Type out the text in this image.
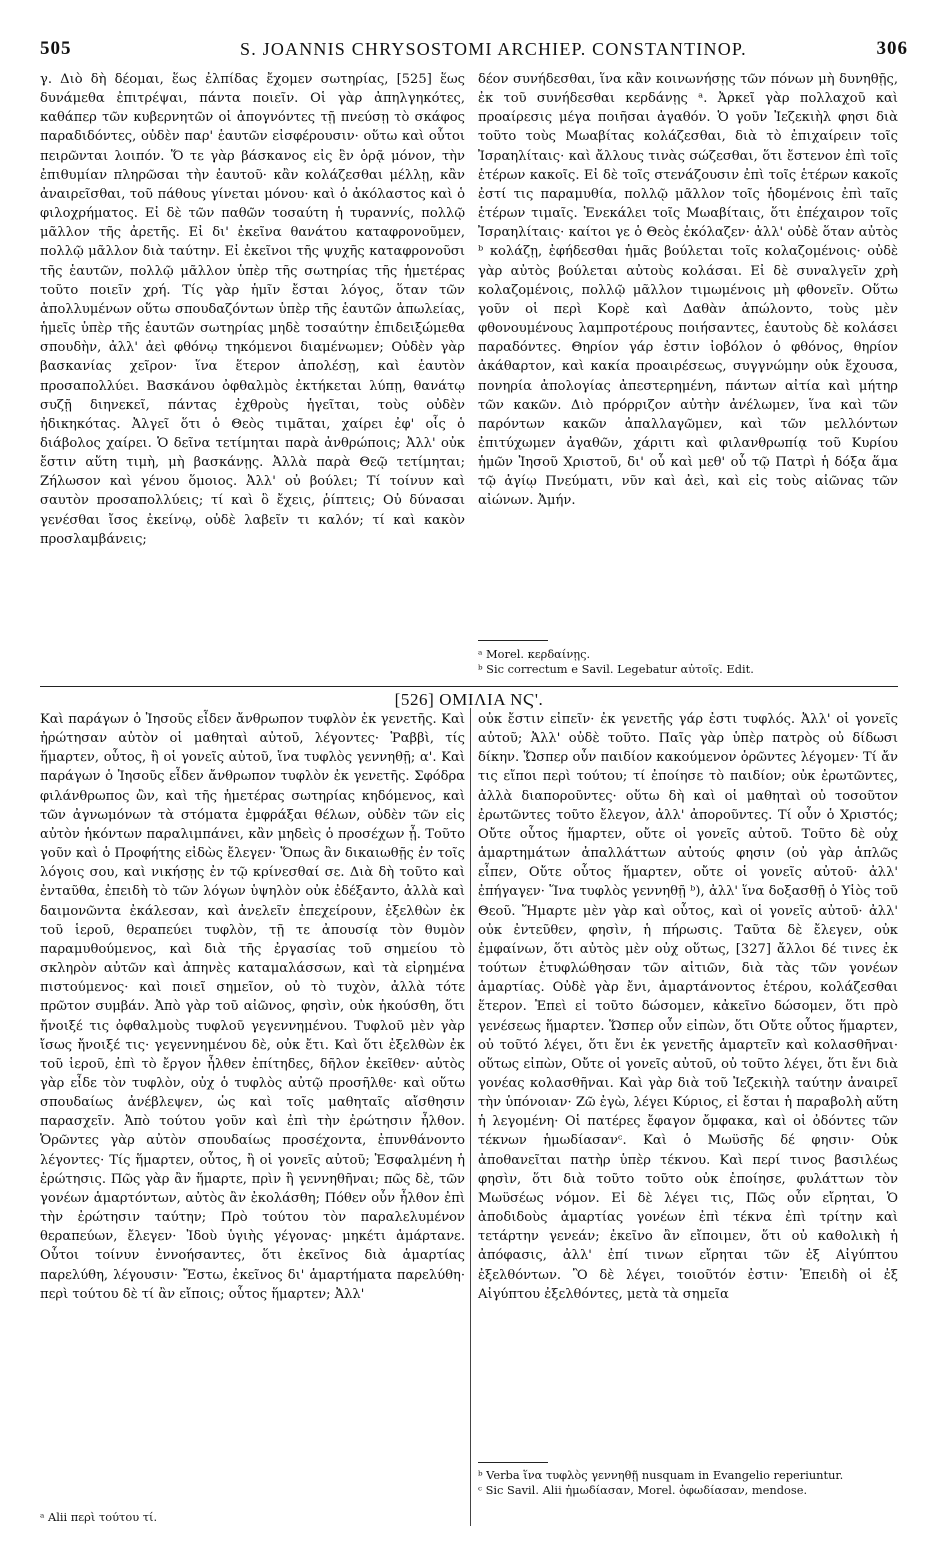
505	S. JOANNIS CHRYSOSTOMI ARCHIEP. CONSTANTINOP.	306

γ. Διὸ δὴ δέομαι, ἕως ἐλπίδας ἔχομεν σωτηρίας, [525] ἕως δυνάμεθα ἐπιτρέψαι, πάντα ποιεῖν. Οἱ γὰρ ἀπηλγηκότες, καθάπερ τῶν κυβερνητῶν οἱ ἀπογνόντες τῇ πνεύσῃ τὸ σκάφος παραδιδόντες, οὐδὲν παρ' ἑαυτῶν εἰσφέρουσιν· οὕτω καὶ οὗτοι πειρῶνται λοιπόν. Ὅ τε γὰρ βάσκανος εἰς ἓν ὁρᾷ μόνον, τὴν ἐπιθυμίαν πληρῶσαι τὴν ἑαυτοῦ· κἂν κολάζεσθαι μέλλῃ, κἂν ἀναιρεῖσθαι, τοῦ πάθους γίνεται μόνου· καὶ ὁ ἀκόλαστος καὶ ὁ φιλοχρήματος. Εἰ δὲ τῶν παθῶν τοσαύτη ἡ τυραννίς, πολλῷ μᾶλλον τῆς ἀρετῆς. Εἰ δι' ἐκεῖνα θανάτου καταφρονοῦμεν, πολλῷ μᾶλλον διὰ ταύτην. Εἰ ἐκεῖνοι τῆς ψυχῆς καταφρονοῦσι τῆς ἑαυτῶν, πολλῷ μᾶλλον ὑπὲρ τῆς σωτηρίας τῆς ἡμετέρας τοῦτο ποιεῖν χρή. Τίς γὰρ ἡμῖν ἔσται λόγος, ὅταν τῶν ἀπολλυμένων οὕτω σπουδαζόντων ὑπὲρ τῆς ἑαυτῶν ἀπωλείας, ἡμεῖς ὑπὲρ τῆς ἑαυτῶν σωτηρίας μηδὲ τοσαύτην ἐπιδειξώμεθα σπουδὴν, ἀλλ' ἀεὶ φθόνῳ τηκόμενοι διαμένωμεν; Οὐδὲν γὰρ βασκανίας χεῖρον· ἵνα ἕτερον ἀπολέσῃ, καὶ ἑαυτὸν προσαπολλύει. Βασκάνου ὀφθαλμὸς ἐκτήκεται λύπῃ, θανάτῳ συζῇ διηνεκεῖ, πάντας ἐχθροὺς ἡγεῖται, τοὺς οὐδὲν ἠδικηκότας. Ἀλγεῖ ὅτι ὁ Θεὸς τιμᾶται, χαίρει ἐφ' οἷς ὁ διάβολος χαίρει. Ὁ δεῖνα τετίμηται παρὰ ἀνθρώποις; Ἀλλ' οὐκ ἔστιν αὕτη τιμὴ, μὴ βασκάνῃς. Ἀλλὰ παρὰ Θεῷ τετίμηται; Ζήλωσον καὶ γένου ὅμοιος. Ἀλλ' οὐ βούλει; Τί τοίνυν καὶ σαυτὸν προσαπολλύεις; τί καὶ ὃ ἔχεις, ῥίπτεις; Οὐ δύνασαι γενέσθαι ἴσος ἐκείνῳ, οὐδὲ λαβεῖν τι καλόν; τί καὶ κακὸν προσλαμβάνεις;

δέον συνήδεσθαι, ἵνα κἂν κοινωνήσῃς τῶν πόνων μὴ δυνηθῇς, ἐκ τοῦ συνήδεσθαι κερδάνῃς ᵃ. Ἀρκεῖ γὰρ πολλαχοῦ καὶ προαίρεσις μέγα ποιῆσαι ἀγαθόν. Ὁ γοῦν Ἰεζεκιὴλ φησι διὰ τοῦτο τοὺς Μωαβίτας κολάζεσθαι, διὰ τὸ ἐπιχαίρειν τοῖς Ἰσραηλίταις· καὶ ἄλλους τινὰς σώζεσθαι, ὅτι ἔστενον ἐπὶ τοῖς ἑτέρων κακοῖς. Εἰ δὲ τοῖς στενάζουσιν ἐπὶ τοῖς ἑτέρων κακοῖς ἐστί τις παραμυθία, πολλῷ μᾶλλον τοῖς ἡδομένοις ἐπὶ ταῖς ἑτέρων τιμαῖς. Ἐνεκάλει τοῖς Μωαβίταις, ὅτι ἐπέχαιρον τοῖς Ἰσραηλίταις· καίτοι γε ὁ Θεὸς ἐκόλαζεν· ἀλλ' οὐδὲ ὅταν αὐτὸς ᵇ κολάζῃ, ἐφήδεσθαι ἡμᾶς βούλεται τοῖς κολαζομένοις· οὐδὲ γὰρ αὐτὸς βούλεται αὐτοὺς κολάσαι. Εἰ δὲ συναλγεῖν χρὴ κολαζομένοις, πολλῷ μᾶλλον τιμωμένοις μὴ φθονεῖν. Οὕτω γοῦν οἱ περὶ Κορὲ καὶ Δαθὰν ἀπώλοντο, τοὺς μὲν φθονουμένους λαμπροτέρους ποιήσαντες, ἑαυτοὺς δὲ κολάσει παραδόντες. Θηρίον γάρ ἐστιν ἰοβόλον ὁ φθόνος, θηρίον ἀκάθαρτον, καὶ κακία προαιρέσεως, συγγνώμην οὐκ ἔχουσα, πονηρία ἀπολογίας ἀπεστερημένη, πάντων αἰτία καὶ μήτηρ τῶν κακῶν. Διὸ πρόρριζον αὐτὴν ἀνέλωμεν, ἵνα καὶ τῶν παρόντων κακῶν ἀπαλλαγῶμεν, καὶ τῶν μελλόντων ἐπιτύχωμεν ἀγαθῶν, χάριτι καὶ φιλανθρωπίᾳ τοῦ Κυρίου ἡμῶν Ἰησοῦ Χριστοῦ, δι' οὗ καὶ μεθ' οὗ τῷ Πατρὶ ἡ δόξα ἅμα τῷ ἁγίῳ Πνεύματι, νῦν καὶ ἀεὶ, καὶ εἰς τοὺς αἰῶνας τῶν αἰώνων. Ἀμήν.

ᵃ Morel. κερδαίνῃς.
ᵇ Sic correctum e Savil. Legebatur αὐτοῖς. Edit.
[526] ΟΜΙΛΙΑ ΝϚ'.

Καὶ παράγων ὁ Ἰησοῦς εἶδεν ἄνθρωπον τυφλὸν ἐκ γενετῆς. Καὶ ἠρώτησαν αὐτὸν οἱ μαθηταὶ αὐτοῦ, λέγοντες· Ῥαββὶ, τίς ἥμαρτεν, οὗτος, ἢ οἱ γονεῖς αὐτοῦ, ἵνα τυφλὸς γεννηθῇ; α'. Καὶ παράγων ὁ Ἰησοῦς εἶδεν ἄνθρωπον τυφλὸν ἐκ γενετῆς. Σφόδρα φιλάνθρωπος ὢν, καὶ τῆς ἡμετέρας σωτηρίας κηδόμενος, καὶ τῶν ἀγνωμόνων τὰ στόματα ἐμφράξαι θέλων, οὐδὲν τῶν εἰς αὐτὸν ἡκόντων παραλιμπάνει, κἂν μηδεὶς ὁ προσέχων ᾖ. Τοῦτο γοῦν καὶ ὁ Προφήτης εἰδὼς ἔλεγεν· Ὅπως ἂν δικαιωθῇς ἐν τοῖς λόγοις σου, καὶ νικήσῃς ἐν τῷ κρίνεσθαί σε. Διὰ δὴ τοῦτο καὶ ἐνταῦθα, ἐπειδὴ τὸ τῶν λόγων ὑψηλὸν οὐκ ἐδέξαντο, ἀλλὰ καὶ δαιμονῶντα ἐκάλεσαν, καὶ ἀνελεῖν ἐπεχείρουν, ἐξελθὼν ἐκ τοῦ ἱεροῦ, θεραπεύει τυφλὸν, τῇ τε ἀπουσίᾳ τὸν θυμὸν παραμυθούμενος, καὶ διὰ τῆς ἐργασίας τοῦ σημείου τὸ σκληρὸν αὐτῶν καὶ ἀπηνὲς καταμαλάσσων, καὶ τὰ εἰρημένα πιστούμενος· καὶ ποιεῖ σημεῖον, οὐ τὸ τυχὸν, ἀλλὰ τότε πρῶτον συμβάν. Ἀπὸ γὰρ τοῦ αἰῶνος, φησὶν, οὐκ ἠκούσθη, ὅτι ἤνοιξέ τις ὀφθαλμοὺς τυφλοῦ γεγεννημένου. Τυφλοῦ μὲν γὰρ ἴσως ἤνοιξέ τις· γεγεννημένου δὲ, οὐκ ἔτι. Καὶ ὅτι ἐξελθὼν ἐκ τοῦ ἱεροῦ, ἐπὶ τὸ ἔργον ἦλθεν ἐπίτηδες, δῆλον ἐκεῖθεν· αὐτὸς γὰρ εἶδε τὸν τυφλὸν, οὐχ ὁ τυφλὸς αὐτῷ προσῆλθε· καὶ οὕτω σπουδαίως ἀνέβλεψεν, ὡς καὶ τοῖς μαθηταῖς αἴσθησιν παρασχεῖν. Ἀπὸ τούτου γοῦν καὶ ἐπὶ τὴν ἐρώτησιν ἦλθον. Ὁρῶντες γὰρ αὐτὸν σπουδαίως προσέχοντα, ἐπυνθάνοντο λέγοντες· Τίς ἥμαρτεν, οὗτος, ἢ οἱ γονεῖς αὐτοῦ; Ἐσφαλμένη ἡ ἐρώτησις. Πῶς γὰρ ἂν ἥμαρτε, πρὶν ἢ γεννηθῆναι; πῶς δὲ, τῶν γονέων ἁμαρτόντων, αὐτὸς ἂν ἐκολάσθη; Πόθεν οὖν ἦλθον ἐπὶ τὴν ἐρώτησιν ταύτην; Πρὸ τούτου τὸν παραλελυμένον θεραπεύων, ἔλεγεν· Ἰδοὺ ὑγιὴς γέγονας· μηκέτι ἁμάρτανε. Οὗτοι τοίνυν ἐννοήσαντες, ὅτι ἐκεῖνος διὰ ἁμαρτίας παρελύθη, λέγουσιν· Ἔστω, ἐκεῖνος δι' ἁμαρτήματα παρελύθη· περὶ τούτου δὲ τί ἂν εἴποις; οὗτος ἥμαρτεν; Ἀλλ'

οὐκ ἔστιν εἰπεῖν· ἐκ γενετῆς γάρ ἐστι τυφλός. Ἀλλ' οἱ γονεῖς αὐτοῦ; Ἀλλ' οὐδὲ τοῦτο. Παῖς γὰρ ὑπὲρ πατρὸς οὐ δίδωσι δίκην. Ὥσπερ οὖν παιδίον κακούμενον ὁρῶντες λέγομεν· Τί ἄν τις εἴποι περὶ τούτου; τί ἐποίησε τὸ παιδίον; οὐκ ἐρωτῶντες, ἀλλὰ διαποροῦντες· οὕτω δὴ καὶ οἱ μαθηταὶ οὐ τοσοῦτον ἐρωτῶντες τοῦτο ἔλεγον, ἀλλ' ἀποροῦντες. Τί οὖν ὁ Χριστός; Οὔτε οὗτος ἥμαρτεν, οὔτε οἱ γονεῖς αὐτοῦ. Τοῦτο δὲ οὐχ ἁμαρτημάτων ἀπαλλάττων αὐτούς φησιν (οὐ γὰρ ἁπλῶς εἶπεν, Οὔτε οὗτος ἥμαρτεν, οὔτε οἱ γονεῖς αὐτοῦ· ἀλλ' ἐπήγαγεν· Ἵνα τυφλὸς γεννηθῇ ᵇ), ἀλλ' ἵνα δοξασθῇ ὁ Υἱὸς τοῦ Θεοῦ. Ἥμαρτε μὲν γὰρ καὶ οὗτος, καὶ οἱ γονεῖς αὐτοῦ· ἀλλ' οὐκ ἐντεῦθεν, φησὶν, ἡ πήρωσις. Ταῦτα δὲ ἔλεγεν, οὐκ ἐμφαίνων, ὅτι αὐτὸς μὲν οὐχ οὕτως, [327] ἄλλοι δέ τινες ἐκ τούτων ἐτυφλώθησαν τῶν αἰτιῶν, διὰ τὰς τῶν γονέων ἁμαρτίας. Οὐδὲ γὰρ ἔνι, ἁμαρτάνοντος ἑτέρου, κολάζεσθαι ἕτερον. Ἐπεὶ εἰ τοῦτο δώσομεν, κἀκεῖνο δώσομεν, ὅτι πρὸ γενέσεως ἥμαρτεν. Ὥσπερ οὖν εἰπὼν, ὅτι Οὔτε οὗτος ἥμαρτεν, οὐ τοῦτό λέγει, ὅτι ἔνι ἐκ γενετῆς ἁμαρτεῖν καὶ κολασθῆναι· οὕτως εἰπὼν, Οὔτε οἱ γονεῖς αὐτοῦ, οὐ τοῦτο λέγει, ὅτι ἔνι διὰ γονέας κολασθῆναι. Καὶ γὰρ διὰ τοῦ Ἰεζεκιὴλ ταύτην ἀναιρεῖ τὴν ὑπόνοιαν· Ζῶ ἐγὼ, λέγει Κύριος, εἰ ἔσται ἡ παραβολὴ αὕτη ἡ λεγομένη· Οἱ πατέρες ἔφαγον ὄμφακα, καὶ οἱ ὀδόντες τῶν τέκνων ἡμωδίασανᶜ. Καὶ ὁ Μωϋσῆς δέ φησιν· Οὐκ ἀποθανεῖται πατὴρ ὑπὲρ τέκνου. Καὶ περί τινος βασιλέως φησὶν, ὅτι διὰ τοῦτο τοῦτο οὐκ ἐποίησε, φυλάττων τὸν Μωϋσέως νόμον. Εἰ δὲ λέγει τις, Πῶς οὖν εἴρηται, Ὁ ἀποδιδοὺς ἁμαρτίας γονέων ἐπὶ τέκνα ἐπὶ τρίτην καὶ τετάρτην γενεάν; ἐκεῖνο ἂν εἴποιμεν, ὅτι οὐ καθολικὴ ἡ ἀπόφασις, ἀλλ' ἐπί τινων εἴρηται τῶν ἐξ Αἰγύπτου ἐξελθόντων. Ὃ δὲ λέγει, τοιοῦτόν ἐστιν· Ἐπειδὴ οἱ ἐξ Αἰγύπτου ἐξελθόντες, μετὰ τὰ σημεῖα

ᵃ Alii περὶ τούτου τί.
ᵇ Verba ἵνα τυφλὸς γεννηθῇ nusquam in Evangelio reperiuntur.
ᶜ Sic Savil. Alii ἡμωδίασαν, Morel. ὀφωδίασαν, mendose.
